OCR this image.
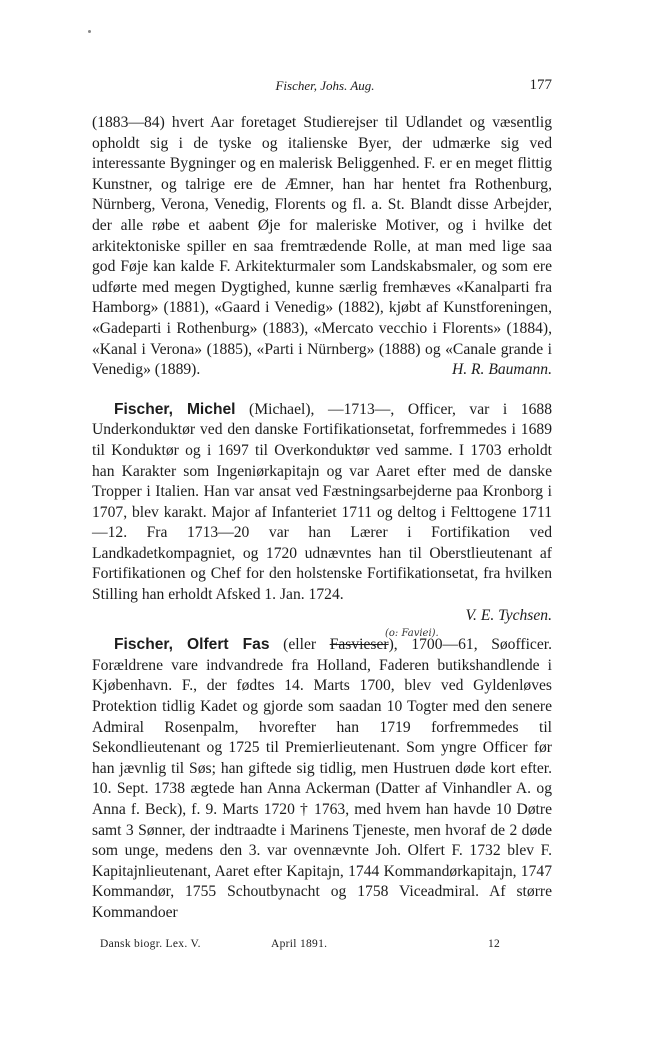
Fischer, Johs. Aug.	177

(1883—84) hvert Aar foretaget Studierejser til Udlandet og væsentlig opholdt sig i de tyske og italienske Byer, der udmærke sig ved interessante Bygninger og en malerisk Beliggenhed. F. er en meget flittig Kunstner, og talrige ere de Æmner, han har hentet fra Rothenburg, Nürnberg, Verona, Venedig, Florents og fl. a. St. Blandt disse Arbejder, der alle røbe et aabent Øje for maleriske Motiver, og i hvilke det arkitektoniske spiller en saa fremtrædende Rolle, at man med lige saa god Føje kan kalde F. Arkitekturmaler som Landskabsmaler, og som ere udførte med megen Dygtighed, kunne særlig fremhæves «Kanalparti fra Hamborg» (1881), «Gaard i Venedig» (1882), kjøbt af Kunstforeningen, «Gadeparti i Rothenburg» (1883), «Mercato vecchio i Florents» (1884), «Kanal i Verona» (1885), «Parti i Nürnberg» (1888) og «Canale grande i Venedig» (1889).	H. R. Baumann.

Fischer, Michel (Michael), —1713—, Officer, var i 1688 Underkonduktør ved den danske Fortifikationsetat, forfremmedes i 1689 til Konduktør og i 1697 til Overkonduktør ved samme. I 1703 erholdt han Karakter som Ingeniørkapitajn og var Aaret efter med de danske Tropper i Italien. Han var ansat ved Fæstningsarbejderne paa Kronborg i 1707, blev karakt. Major af Infanteriet 1711 og deltog i Felttogene 1711—12. Fra 1713—20 var han Lærer i Fortifikation ved Landkadetkompagniet, og 1720 udnævntes han til Oberstlieutenant af Fortifikationen og Chef for den holstenske Fortifikationsetat, fra hvilken Stilling han erholdt Afsked 1. Jan. 1724.

V. E. Tychsen.

Fischer, Olfert Fas (eller Fasvieser), 1700—61, Søofficer. Forældrene vare indvandrede fra Holland, Faderen butikshandlende i Kjøbenhavn. F., der fødtes 14. Marts 1700, blev ved Gyldenløves Protektion tidlig Kadet og gjorde som saadan 10 Togter med den senere Admiral Rosenpalm, hvorefter han 1719 forfremmedes til Sekondlieutenant og 1725 til Premierlieutenant. Som yngre Officer før han jævnlig til Søs; han giftede sig tidlig, men Hustruen døde kort efter. 10. Sept. 1738 ægtede han Anna Ackerman (Datter af Vinhandler A. og Anna f. Beck), f. 9. Marts 1720 † 1763, med hvem han havde 10 Døtre samt 3 Sønner, der indtraadte i Marinens Tjeneste, men hvoraf de 2 døde som unge, medens den 3. var ovennævnte Joh. Olfert F. 1732 blev F. Kapitajnlieutenant, Aaret efter Kapitajn, 1744 Kommandørkapitajn, 1747 Kommandør, 1755 Schoutbynacht og 1758 Viceadmiral. Af større Kommandoer

(o: Faviei).
Dansk biogr. Lex. V.	April 1891.	12
